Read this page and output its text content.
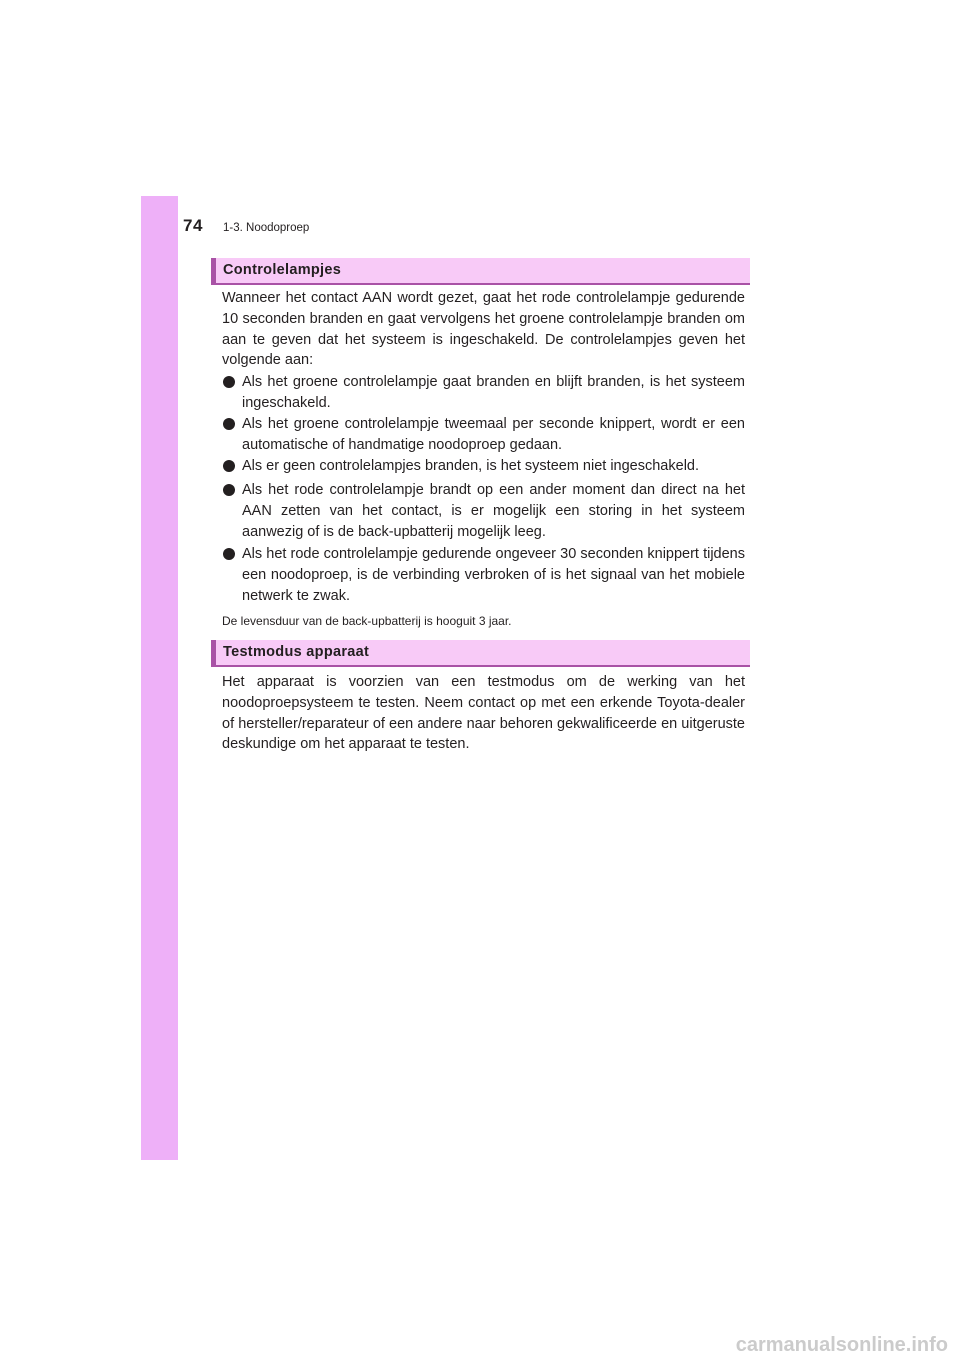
74 1-3. Noodoproep
Controlelampjes
Wanneer het contact AAN wordt gezet, gaat het rode controlelampje gedurende 10 seconden branden en gaat vervolgens het groene controlelampje branden om aan te geven dat het systeem is ingeschakeld. De controlelampjes geven het volgende aan:
Als het groene controlelampje gaat branden en blijft branden, is het systeem ingeschakeld.
Als het groene controlelampje tweemaal per seconde knippert, wordt er een automatische of handmatige noodoproep gedaan.
Als er geen controlelampjes branden, is het systeem niet ingeschakeld.
Als het rode controlelampje brandt op een ander moment dan direct na het AAN zetten van het contact, is er mogelijk een storing in het systeem aanwezig of is de back-upbatterij mogelijk leeg.
Als het rode controlelampje gedurende ongeveer 30 seconden knippert tijdens een noodoproep, is de verbinding verbroken of is het signaal van het mobiele netwerk te zwak.
De levensduur van de back-upbatterij is hooguit 3 jaar.
Testmodus apparaat
Het apparaat is voorzien van een testmodus om de werking van het noodoproepsysteem te testen. Neem contact op met een erkende Toyota-dealer of hersteller/reparateur of een andere naar behoren gekwalificeerde en uitgeruste deskundige om het apparaat te testen.
carmanualsonline.info
